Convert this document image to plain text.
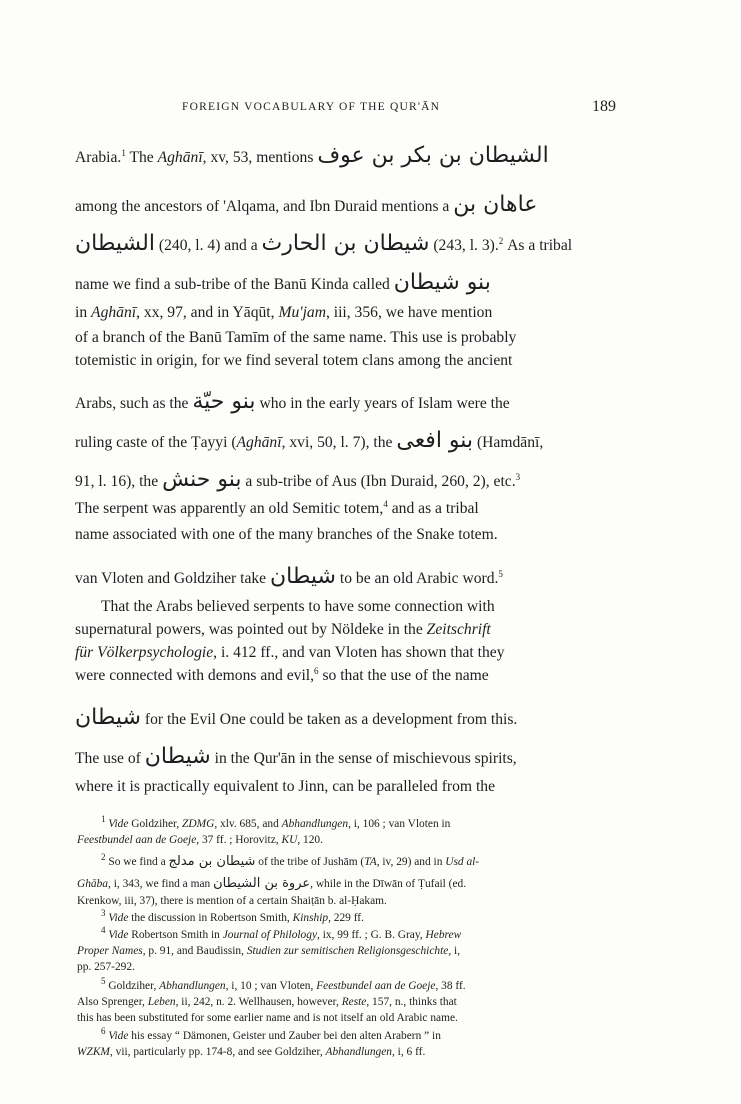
FOREIGN VOCABULARY OF THE QUR'ĀN	189
Arabia.$^1$ The Aghānī, xv, 53, mentions الشيطان بن بكر بن عوف
among the ancestors of 'Alqama, and Ibn Duraid mentions a عاهان بن
الشيطان (240, l. 4) and a شيطان بن الحارث (243, l. 3).$^2$ As a tribal
name we find a sub-tribe of the Banū Kinda called بنو شيطان
in Aghānī, xx, 97, and in Yāqūt, Mu'jam, iii, 356, we have mention
of a branch of the Banū Tamīm of the same name. This use is probably
totemistic in origin, for we find several totem clans among the ancient
Arabs, such as the بنو حيّة who in the early years of Islam were the
ruling caste of the Ṭayyi (Aghānī, xvi, 50, l. 7), the بنو افعى (Hamdānī,
91, l. 16), the بنو حنش a sub-tribe of Aus (Ibn Duraid, 260, 2), etc.$^3$
The serpent was apparently an old Semitic totem,$^4$ and as a tribal
name associated with one of the many branches of the Snake totem.
van Vloten and Goldziher take شيطان to be an old Arabic word.$^5$
That the Arabs believed serpents to have some connection with
supernatural powers, was pointed out by Nöldeke in the Zeitschrift
für Völkerpsychologie, i. 412 ff., and van Vloten has shown that they
were connected with demons and evil,$^6$ so that the use of the name
شيطان for the Evil One could be taken as a development from this.
The use of شيطان in the Qur'ān in the sense of mischievous spirits,
where it is practically equivalent to Jinn, can be paralleled from the
$^1$ Vide Goldziher, ZDMG, xlv. 685, and Abhandlungen, i, 106 ; van Vloten in
Feestbundel aan de Goeje, 37 ff. ; Horovitz, KU, 120.
$^2$ So we find a شيطان بن مدلج of the tribe of Jushām (TA, iv, 29) and in Usd al-
Ghāba, i, 343, we find a man عروة بن الشيطان, while in the Dīwān of Ṭufail (ed.
Krenkow, iii, 37), there is mention of a certain Shaiṭān b. al-Ḥakam.
$^3$ Vide the discussion in Robertson Smith, Kinship, 229 ff.
$^4$ Vide Robertson Smith in Journal of Philology, ix, 99 ff. ; G. B. Gray, Hebrew
Proper Names, p. 91, and Baudissin, Studien zur semitischen Religionsgeschichte, i,
pp. 257-292.
$^5$ Goldziher, Abhandlungen, i, 10 ; van Vloten, Feestbundel aan de Goeje, 38 ff.
Also Sprenger, Leben, ii, 242, n. 2. Wellhausen, however, Reste, 157, n., thinks that
this has been substituted for some earlier name and is not itself an old Arabic name.
$^6$ Vide his essay “ Dämonen, Geister und Zauber bei den alten Arabern ” in
WZKM, vii, particularly pp. 174-8, and see Goldziher, Abhandlungen, i, 6 ff.
